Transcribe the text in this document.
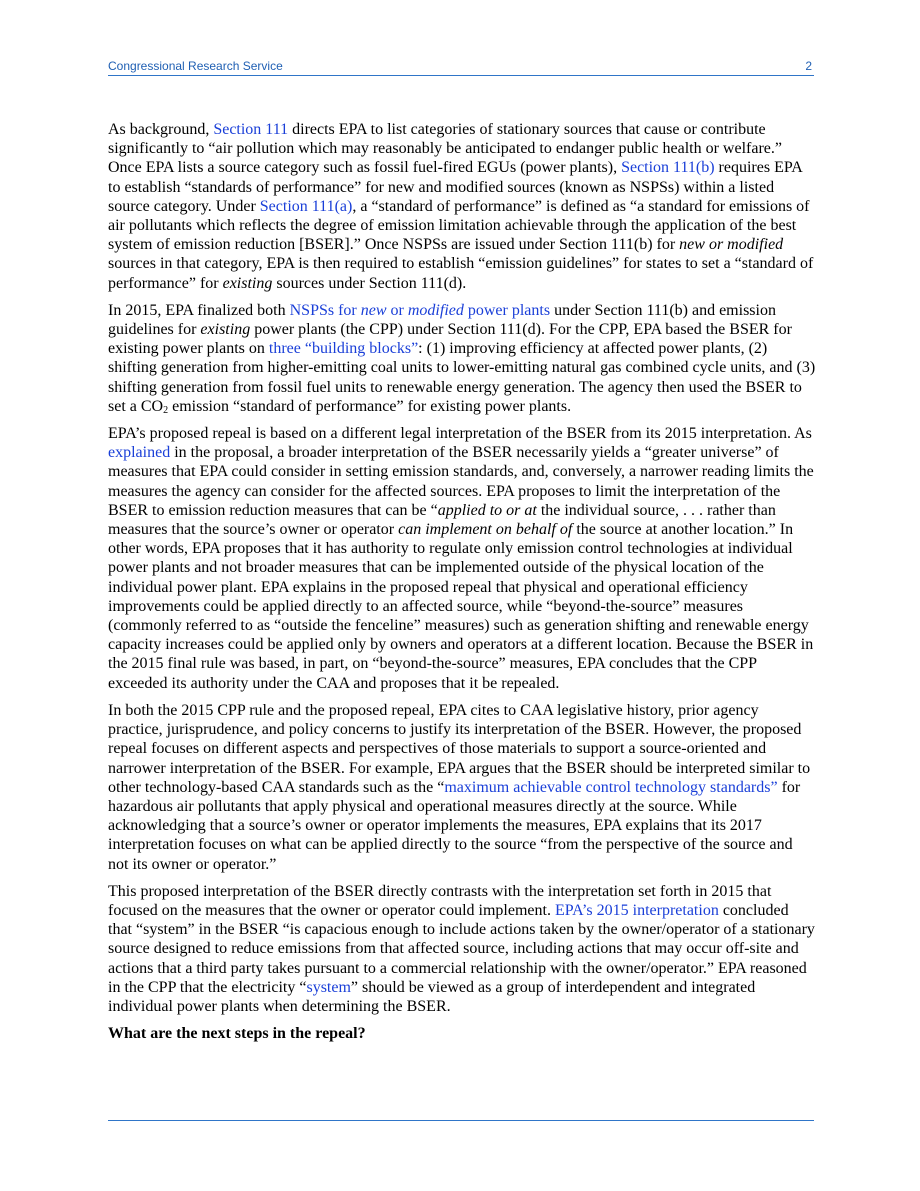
Congressional Research Service	2

As background, Section 111 directs EPA to list categories of stationary sources that cause or contribute significantly to “air pollution which may reasonably be anticipated to endanger public health or welfare.” Once EPA lists a source category such as fossil fuel-fired EGUs (power plants), Section 111(b) requires EPA to establish “standards of performance” for new and modified sources (known as NSPSs) within a listed source category. Under Section 111(a), a “standard of performance” is defined as “a standard for emissions of air pollutants which reflects the degree of emission limitation achievable through the application of the best system of emission reduction [BSER].” Once NSPSs are issued under Section 111(b) for new or modified sources in that category, EPA is then required to establish “emission guidelines” for states to set a “standard of performance” for existing sources under Section 111(d).

In 2015, EPA finalized both NSPSs for new or modified power plants under Section 111(b) and emission guidelines for existing power plants (the CPP) under Section 111(d). For the CPP, EPA based the BSER for existing power plants on three “building blocks”: (1) improving efficiency at affected power plants, (2) shifting generation from higher-emitting coal units to lower-emitting natural gas combined cycle units, and (3) shifting generation from fossil fuel units to renewable energy generation. The agency then used the BSER to set a $CO_2$ emission “standard of performance” for existing power plants.

EPA’s proposed repeal is based on a different legal interpretation of the BSER from its 2015 interpretation. As explained in the proposal, a broader interpretation of the BSER necessarily yields a “greater universe” of measures that EPA could consider in setting emission standards, and, conversely, a narrower reading limits the measures the agency can consider for the affected sources. EPA proposes to limit the interpretation of the BSER to emission reduction measures that can be “applied to or at the individual source, . . . rather than measures that the source’s owner or operator can implement on behalf of the source at another location.” In other words, EPA proposes that it has authority to regulate only emission control technologies at individual power plants and not broader measures that can be implemented outside of the physical location of the individual power plant. EPA explains in the proposed repeal that physical and operational efficiency improvements could be applied directly to an affected source, while “beyond-the-source” measures (commonly referred to as “outside the fenceline” measures) such as generation shifting and renewable energy capacity increases could be applied only by owners and operators at a different location. Because the BSER in the 2015 final rule was based, in part, on “beyond-the-source” measures, EPA concludes that the CPP exceeded its authority under the CAA and proposes that it be repealed.

In both the 2015 CPP rule and the proposed repeal, EPA cites to CAA legislative history, prior agency practice, jurisprudence, and policy concerns to justify its interpretation of the BSER. However, the proposed repeal focuses on different aspects and perspectives of those materials to support a source-oriented and narrower interpretation of the BSER. For example, EPA argues that the BSER should be interpreted similar to other technology-based CAA standards such as the “maximum achievable control technology standards” for hazardous air pollutants that apply physical and operational measures directly at the source. While acknowledging that a source’s owner or operator implements the measures, EPA explains that its 2017 interpretation focuses on what can be applied directly to the source “from the perspective of the source and not its owner or operator.”

This proposed interpretation of the BSER directly contrasts with the interpretation set forth in 2015 that focused on the measures that the owner or operator could implement. EPA’s 2015 interpretation concluded that “system” in the BSER “is capacious enough to include actions taken by the owner/operator of a stationary source designed to reduce emissions from that affected source, including actions that may occur off-site and actions that a third party takes pursuant to a commercial relationship with the owner/operator.” EPA reasoned in the CPP that the electricity “system” should be viewed as a group of interdependent and integrated individual power plants when determining the BSER.

What are the next steps in the repeal?
